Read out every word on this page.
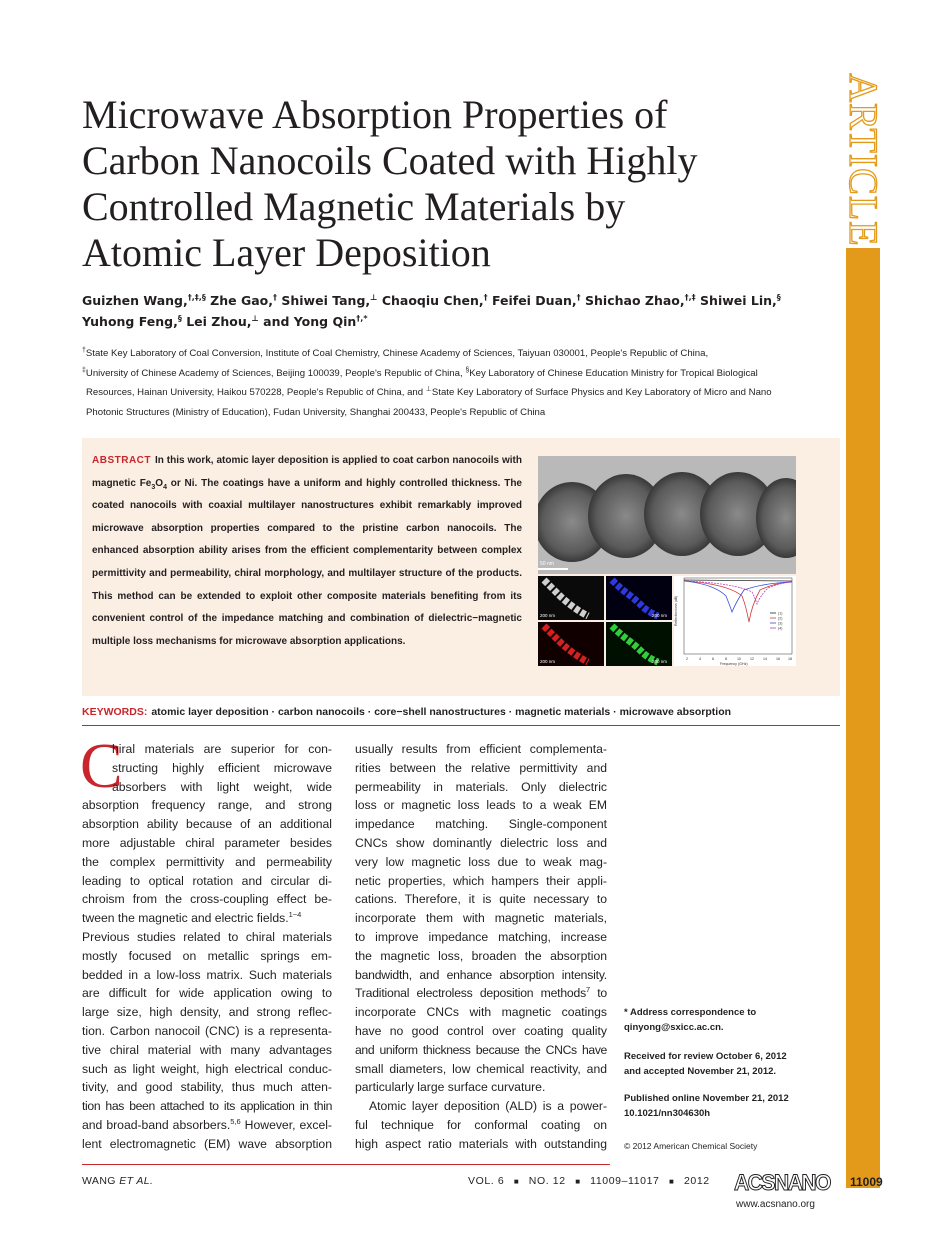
ARTICLE
Microwave Absorption Properties of
Carbon Nanocoils Coated with Highly
Controlled Magnetic Materials by
Atomic Layer Deposition
Guizhen Wang,†,‡,§ Zhe Gao,† Shiwei Tang,⊥ Chaoqiu Chen,† Feifei Duan,† Shichao Zhao,†,‡ Shiwei Lin,§
Yuhong Feng,§ Lei Zhou,⊥ and Yong Qin†,*
†State Key Laboratory of Coal Conversion, Institute of Coal Chemistry, Chinese Academy of Sciences, Taiyuan 030001, People's Republic of China,
‡University of Chinese Academy of Sciences, Beijing 100039, People's Republic of China, §Key Laboratory of Chinese Education Ministry for Tropical Biological
Resources, Hainan University, Haikou 570228, People's Republic of China, and ⊥State Key Laboratory of Surface Physics and Key Laboratory of Micro and Nano
Photonic Structures (Ministry of Education), Fudan University, Shanghai 200433, People's Republic of China
ABSTRACT In this work, atomic layer deposition is applied to coat carbon nanocoils with magnetic $Fe_3O_4$ or Ni. The coatings have a uniform and highly controlled thickness. The coated nanocoils with coaxial multilayer nanostructures exhibit remarkably improved microwave absorption properties compared to the pristine carbon nanocoils. The enhanced absorption ability arises from the efficient complementarity between complex permittivity and permeability, chiral morphology, and multilayer structure of the products. This method can be extended to exploit other composite materials benefiting from its convenient control of the impedance matching and combination of dielectric−magnetic multiple loss mechanisms for microwave absorption applications.
50 nm
200 nm	200 nm
200 nm	200 nm
Reflection loss (dB)
2	4	6	8	10	12	14	16 18
Frequency (GHz)
(1)
(2)
(3)
(4)
KEYWORDS: atomic layer deposition · carbon nanocoils · core−shell nanostructures · magnetic materials · microwave absorption
C
hiral materials are superior for con-
structing highly efficient microwave
absorbers with light weight, wide
absorption frequency range, and strong
absorption ability because of an additional
more adjustable chiral parameter besides
the complex permittivity and permeability
leading to optical rotation and circular di-
chroism from the cross-coupling effect be-
tween the magnetic and electric fields.$^{1-4}$
Previous studies related to chiral materials
mostly focused on metallic springs em-
bedded in a low-loss matrix. Such materials
are difficult for wide application owing to
large size, high density, and strong reflec-
tion. Carbon nanocoil (CNC) is a representa-
tive chiral material with many advantages
such as light weight, high electrical conduc-
tivity, and good stability, thus much atten-
tion has been attached to its application in thin
and broad-band absorbers.$^{5,6}$ However, excel-
lent electromagnetic (EM) wave absorption
usually results from efficient complementa-
rities between the relative permittivity and
permeability in materials. Only dielectric
loss or magnetic loss leads to a weak EM
impedance matching. Single-component
CNCs show dominantly dielectric loss and
very low magnetic loss due to weak mag-
netic properties, which hampers their appli-
cations. Therefore, it is quite necessary to
incorporate them with magnetic materials,
to improve impedance matching, increase
the magnetic loss, broaden the absorption
bandwidth, and enhance absorption intensity.
Traditional electroless deposition methods$^7$ to
incorporate CNCs with magnetic coatings
have no good control over coating quality
and uniform thickness because the CNCs have
small diameters, low chemical reactivity, and
particularly large surface curvature.
Atomic layer deposition (ALD) is a power-
ful technique for conformal coating on
high aspect ratio materials with outstanding
* Address correspondence to
qinyong@sxicc.ac.cn.
Received for review October 6, 2012
and accepted November 21, 2012.
Published online November 21, 2012
10.1021/nn304630h
© 2012 American Chemical Society
WANG ET AL.	VOL. 6 ■ NO. 12 ■ 11009–11017 ■ 2012 ACSNANO 11009
www.acsnano.org
